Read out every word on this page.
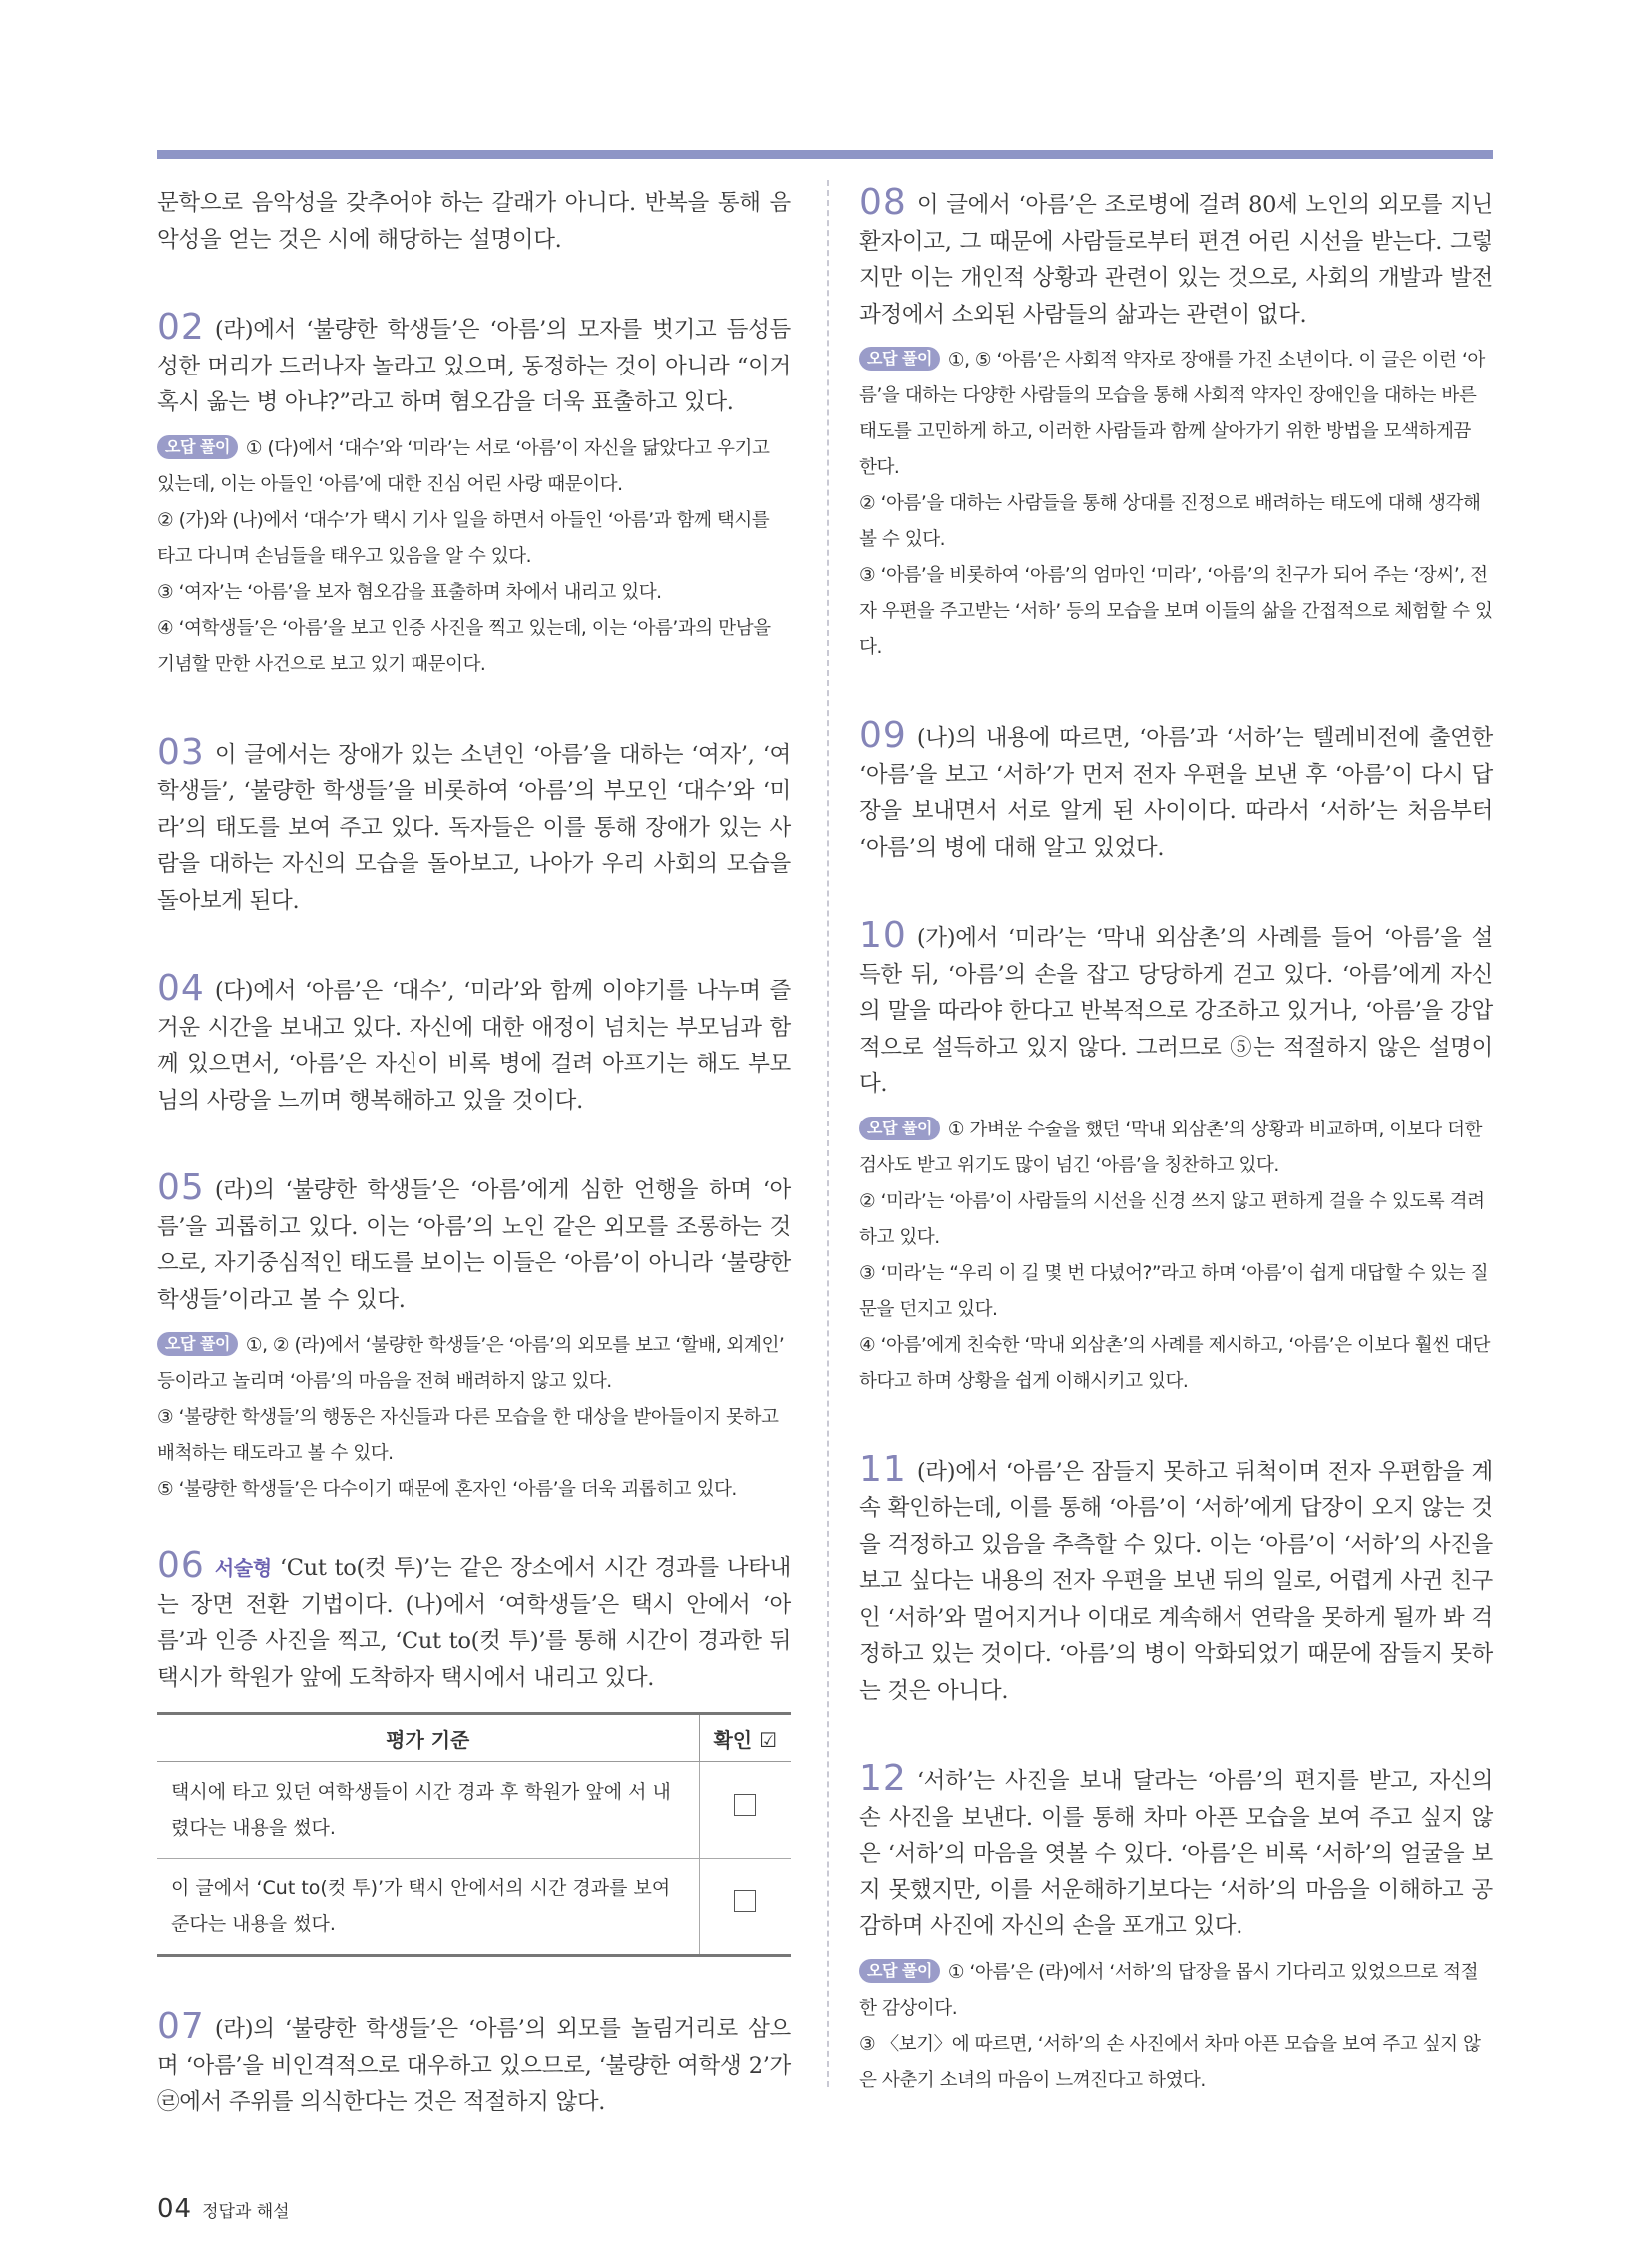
문학으로 음악성을 갖추어야 하는 갈래가 아니다. 반복을 통해 음악성을 얻는 것은 시에 해당하는 설명이다.

02 (라)에서 ‘불량한 학생들’은 ‘아름’의 모자를 벗기고 듬성듬성한 머리가 드러나자 놀라고 있으며, 동정하는 것이 아니라 “이거 혹시 옮는 병 아냐?”라고 하며 혐오감을 더욱 표출하고 있다.

오답 풀이 ① (다)에서 ‘대수’와 ‘미라’는 서로 ‘아름’이 자신을 닮았다고 우기고 있는데, 이는 아들인 ‘아름’에 대한 진심 어린 사랑 때문이다.

② (가)와 (나)에서 ‘대수’가 택시 기사 일을 하면서 아들인 ‘아름’과 함께 택시를 타고 다니며 손님들을 태우고 있음을 알 수 있다.

③ ‘여자’는 ‘아름’을 보자 혐오감을 표출하며 차에서 내리고 있다.

④ ‘여학생들’은 ‘아름’을 보고 인증 사진을 찍고 있는데, 이는 ‘아름’과의 만남을 기념할 만한 사건으로 보고 있기 때문이다.

03 이 글에서는 장애가 있는 소년인 ‘아름’을 대하는 ‘여자’, ‘여학생들’, ‘불량한 학생들’을 비롯하여 ‘아름’의 부모인 ‘대수’와 ‘미라’의 태도를 보여 주고 있다. 독자들은 이를 통해 장애가 있는 사람을 대하는 자신의 모습을 돌아보고, 나아가 우리 사회의 모습을 돌아보게 된다.

04 (다)에서 ‘아름’은 ‘대수’, ‘미라’와 함께 이야기를 나누며 즐거운 시간을 보내고 있다. 자신에 대한 애정이 넘치는 부모님과 함께 있으면서, ‘아름’은 자신이 비록 병에 걸려 아프기는 해도 부모님의 사랑을 느끼며 행복해하고 있을 것이다.

05 (라)의 ‘불량한 학생들’은 ‘아름’에게 심한 언행을 하며 ‘아름’을 괴롭히고 있다. 이는 ‘아름’의 노인 같은 외모를 조롱하는 것으로, 자기중심적인 태도를 보이는 이들은 ‘아름’이 아니라 ‘불량한 학생들’이라고 볼 수 있다.

오답 풀이 ①, ② (라)에서 ‘불량한 학생들’은 ‘아름’의 외모를 보고 ‘할배, 외계인’ 등이라고 놀리며 ‘아름’의 마음을 전혀 배려하지 않고 있다.

③ ‘불량한 학생들’의 행동은 자신들과 다른 모습을 한 대상을 받아들이지 못하고 배척하는 태도라고 볼 수 있다.

⑤ ‘불량한 학생들’은 다수이기 때문에 혼자인 ‘아름’을 더욱 괴롭히고 있다.

06 서술형 ‘Cut to(컷 투)’는 같은 장소에서 시간 경과를 나타내는 장면 전환 기법이다. (나)에서 ‘여학생들’은 택시 안에서 ‘아름’과 인증 사진을 찍고, ‘Cut to(컷 투)’를 통해 시간이 경과한 뒤 택시가 학원가 앞에 도착하자 택시에서 내리고 있다.

평가 기준	확인 ☑
택시에 타고 있던 여학생들이 시간 경과 후 학원가 앞에 서 내렸다는 내용을 썼다.	
이 글에서 ‘Cut to(컷 투)’가 택시 안에서의 시간 경과를 보여 준다는 내용을 썼다.	

07 (라)의 ‘불량한 학생들’은 ‘아름’의 외모를 놀림거리로 삼으며 ‘아름’을 비인격적으로 대우하고 있으므로, ‘불량한 여학생 2’가 ㉣에서 주위를 의식한다는 것은 적절하지 않다.

08 이 글에서 ‘아름’은 조로병에 걸려 80세 노인의 외모를 지닌 환자이고, 그 때문에 사람들로부터 편견 어린 시선을 받는다. 그렇지만 이는 개인적 상황과 관련이 있는 것으로, 사회의 개발과 발전 과정에서 소외된 사람들의 삶과는 관련이 없다.

오답 풀이 ①, ⑤ ‘아름’은 사회적 약자로 장애를 가진 소년이다. 이 글은 이런 ‘아름’을 대하는 다양한 사람들의 모습을 통해 사회적 약자인 장애인을 대하는 바른 태도를 고민하게 하고, 이러한 사람들과 함께 살아가기 위한 방법을 모색하게끔 한다.

② ‘아름’을 대하는 사람들을 통해 상대를 진정으로 배려하는 태도에 대해 생각해 볼 수 있다.

③ ‘아름’을 비롯하여 ‘아름’의 엄마인 ‘미라’, ‘아름’의 친구가 되어 주는 ‘장씨’, 전자 우편을 주고받는 ‘서하’ 등의 모습을 보며 이들의 삶을 간접적으로 체험할 수 있다.

09 (나)의 내용에 따르면, ‘아름’과 ‘서하’는 텔레비전에 출연한 ‘아름’을 보고 ‘서하’가 먼저 전자 우편을 보낸 후 ‘아름’이 다시 답장을 보내면서 서로 알게 된 사이이다. 따라서 ‘서하’는 처음부터 ‘아름’의 병에 대해 알고 있었다.

10 (가)에서 ‘미라’는 ‘막내 외삼촌’의 사례를 들어 ‘아름’을 설득한 뒤, ‘아름’의 손을 잡고 당당하게 걷고 있다. ‘아름’에게 자신의 말을 따라야 한다고 반복적으로 강조하고 있거나, ‘아름’을 강압적으로 설득하고 있지 않다. 그러므로 ⑤는 적절하지 않은 설명이다.

오답 풀이 ① 가벼운 수술을 했던 ‘막내 외삼촌’의 상황과 비교하며, 이보다 더한 검사도 받고 위기도 많이 넘긴 ‘아름’을 칭찬하고 있다.

② ‘미라’는 ‘아름’이 사람들의 시선을 신경 쓰지 않고 편하게 걸을 수 있도록 격려하고 있다.

③ ‘미라’는 “우리 이 길 몇 번 다녔어?”라고 하며 ‘아름’이 쉽게 대답할 수 있는 질문을 던지고 있다.

④ ‘아름’에게 친숙한 ‘막내 외삼촌’의 사례를 제시하고, ‘아름’은 이보다 훨씬 대단하다고 하며 상황을 쉽게 이해시키고 있다.

11 (라)에서 ‘아름’은 잠들지 못하고 뒤척이며 전자 우편함을 계속 확인하는데, 이를 통해 ‘아름’이 ‘서하’에게 답장이 오지 않는 것을 걱정하고 있음을 추측할 수 있다. 이는 ‘아름’이 ‘서하’의 사진을 보고 싶다는 내용의 전자 우편을 보낸 뒤의 일로, 어렵게 사귄 친구인 ‘서하’와 멀어지거나 이대로 계속해서 연락을 못하게 될까 봐 걱정하고 있는 것이다. ‘아름’의 병이 악화되었기 때문에 잠들지 못하는 것은 아니다.

12 ‘서하’는 사진을 보내 달라는 ‘아름’의 편지를 받고, 자신의 손 사진을 보낸다. 이를 통해 차마 아픈 모습을 보여 주고 싶지 않은 ‘서하’의 마음을 엿볼 수 있다. ‘아름’은 비록 ‘서하’의 얼굴을 보지 못했지만, 이를 서운해하기보다는 ‘서하’의 마음을 이해하고 공감하며 사진에 자신의 손을 포개고 있다.

오답 풀이 ① ‘아름’은 (라)에서 ‘서하’의 답장을 몹시 기다리고 있었으므로 적절한 감상이다.

③ 〈보기〉에 따르면, ‘서하’의 손 사진에서 차마 아픈 모습을 보여 주고 싶지 않은 사춘기 소녀의 마음이 느껴진다고 하였다.

04 정답과 해설
